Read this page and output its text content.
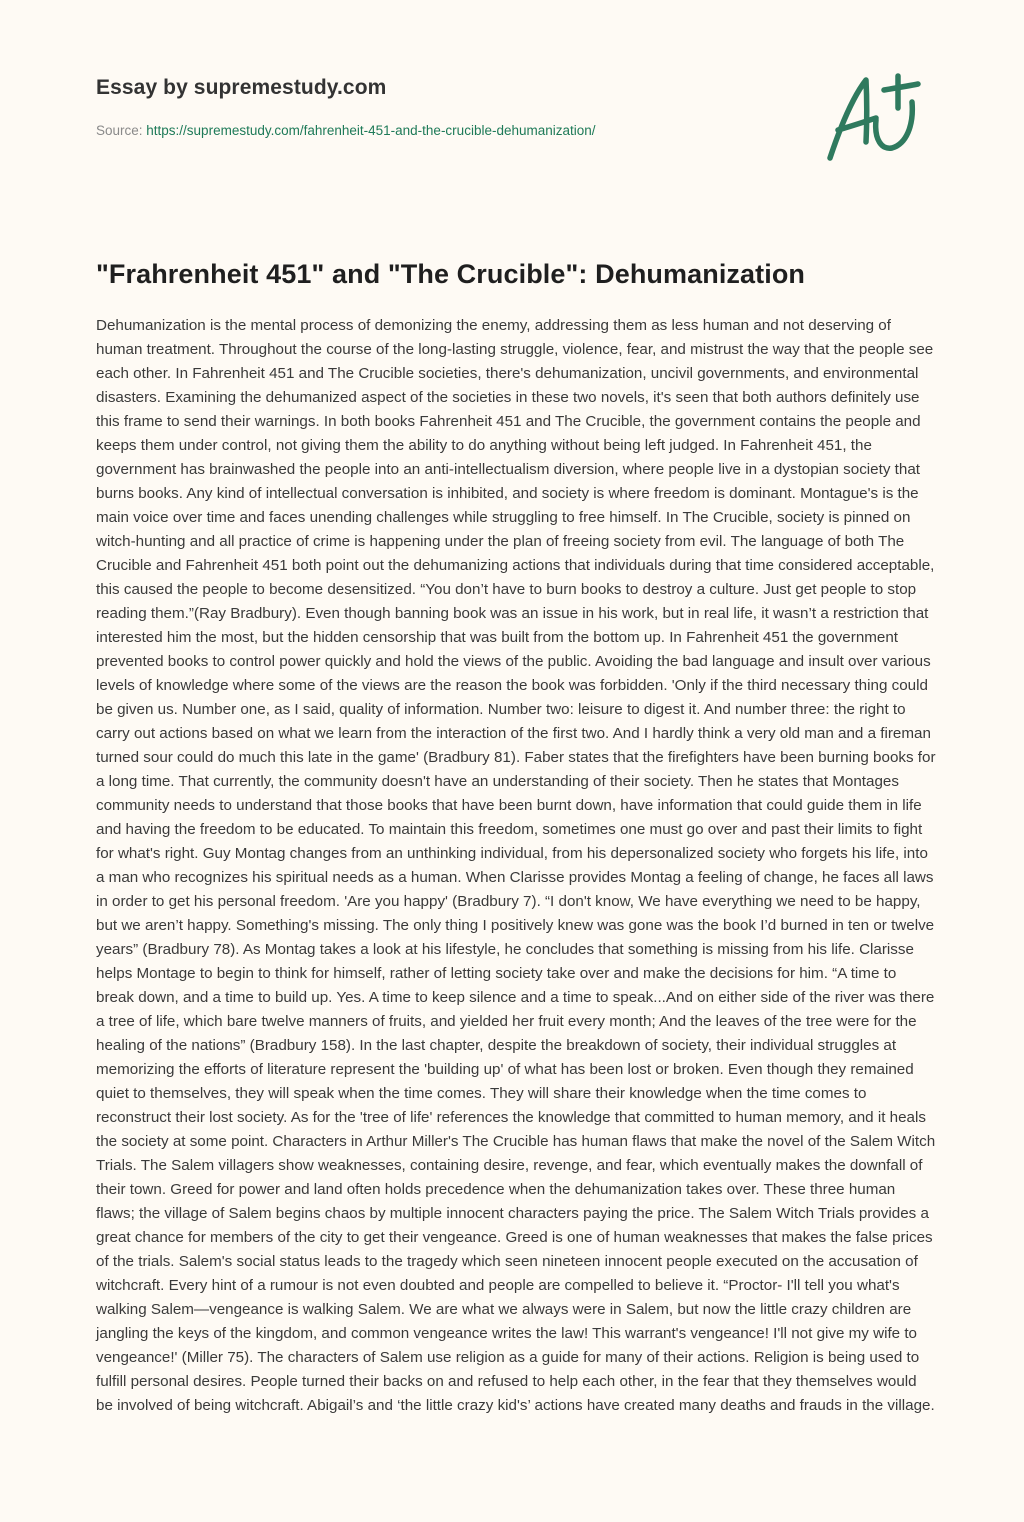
Essay by supremestudy.com
Source: https://supremestudy.com/fahrenheit-451-and-the-crucible-dehumanization/
"Frahrenheit 451" and "The Crucible": Dehumanization

Dehumanization is the mental process of demonizing the enemy, addressing them as less human and not deserving of human treatment. Throughout the course of the long-lasting struggle, violence, fear, and mistrust the way that the people see each other. In Fahrenheit 451 and The Crucible societies, there's dehumanization, uncivil governments, and environmental disasters. Examining the dehumanized aspect of the societies in these two novels, it's seen that both authors definitely use this frame to send their warnings. In both books Fahrenheit 451 and The Crucible, the government contains the people and keeps them under control, not giving them the ability to do anything without being left judged. In Fahrenheit 451, the government has brainwashed the people into an anti-intellectualism diversion, where people live in a dystopian society that burns books. Any kind of intellectual conversation is inhibited, and society is where freedom is dominant. Montague's is the main voice over time and faces unending challenges while struggling to free himself. In The Crucible, society is pinned on witch-hunting and all practice of crime is happening under the plan of freeing society from evil. The language of both The Crucible and Fahrenheit 451 both point out the dehumanizing actions that individuals during that time considered acceptable, this caused the people to become desensitized. “You don’t have to burn books to destroy a culture. Just get people to stop reading them.”(Ray Bradbury). Even though banning book was an issue in his work, but in real life, it wasn’t a restriction that interested him the most, but the hidden censorship that was built from the bottom up. In Fahrenheit 451 the government prevented books to control power quickly and hold the views of the public. Avoiding the bad language and insult over various levels of knowledge where some of the views are the reason the book was forbidden. 'Only if the third necessary thing could be given us. Number one, as I said, quality of information. Number two: leisure to digest it. And number three: the right to carry out actions based on what we learn from the interaction of the first two. And I hardly think a very old man and a fireman turned sour could do much this late in the game' (Bradbury 81). Faber states that the firefighters have been burning books for a long time. That currently, the community doesn't have an understanding of their society. Then he states that Montages community needs to understand that those books that have been burnt down, have information that could guide them in life and having the freedom to be educated. To maintain this freedom, sometimes one must go over and past their limits to fight for what's right. Guy Montag changes from an unthinking individual, from his depersonalized society who forgets his life, into a man who recognizes his spiritual needs as a human. When Clarisse provides Montag a feeling of change, he faces all laws in order to get his personal freedom. 'Are you happy' (Bradbury 7). “I don't know, We have everything we need to be happy, but we aren’t happy. Something's missing. The only thing I positively knew was gone was the book I’d burned in ten or twelve years” (Bradbury 78). As Montag takes a look at his lifestyle, he concludes that something is missing from his life. Clarisse helps Montage to begin to think for himself, rather of letting society take over and make the decisions for him. “A time to break down, and a time to build up. Yes. A time to keep silence and a time to speak...And on either side of the river was there a tree of life, which bare twelve manners of fruits, and yielded her fruit every month; And the leaves of the tree were for the healing of the nations” (Bradbury 158). In the last chapter, despite the breakdown of society, their individual struggles at memorizing the efforts of literature represent the 'building up' of what has been lost or broken. Even though they remained quiet to themselves, they will speak when the time comes. They will share their knowledge when the time comes to reconstruct their lost society. As for the 'tree of life' references the knowledge that committed to human memory, and it heals the society at some point. Characters in Arthur Miller's The Crucible has human flaws that make the novel of the Salem Witch Trials. The Salem villagers show weaknesses, containing desire, revenge, and fear, which eventually makes the downfall of their town. Greed for power and land often holds precedence when the dehumanization takes over. These three human flaws; the village of Salem begins chaos by multiple innocent characters paying the price. The Salem Witch Trials provides a great chance for members of the city to get their vengeance. Greed is one of human weaknesses that makes the false prices of the trials. Salem's social status leads to the tragedy which seen nineteen innocent people executed on the accusation of witchcraft. Every hint of a rumour is not even doubted and people are compelled to believe it. “Proctor- I'll tell you what's walking Salem—vengeance is walking Salem. We are what we always were in Salem, but now the little crazy children are jangling the keys of the kingdom, and common vengeance writes the law! This warrant's vengeance! I'll not give my wife to vengeance!' (Miller 75). The characters of Salem use religion as a guide for many of their actions. Religion is being used to fulfill personal desires. People turned their backs on and refused to help each other, in the fear that they themselves would be involved of being witchcraft. Abigail’s and ‘the little crazy kid's’ actions have created many deaths and frauds in the village.
